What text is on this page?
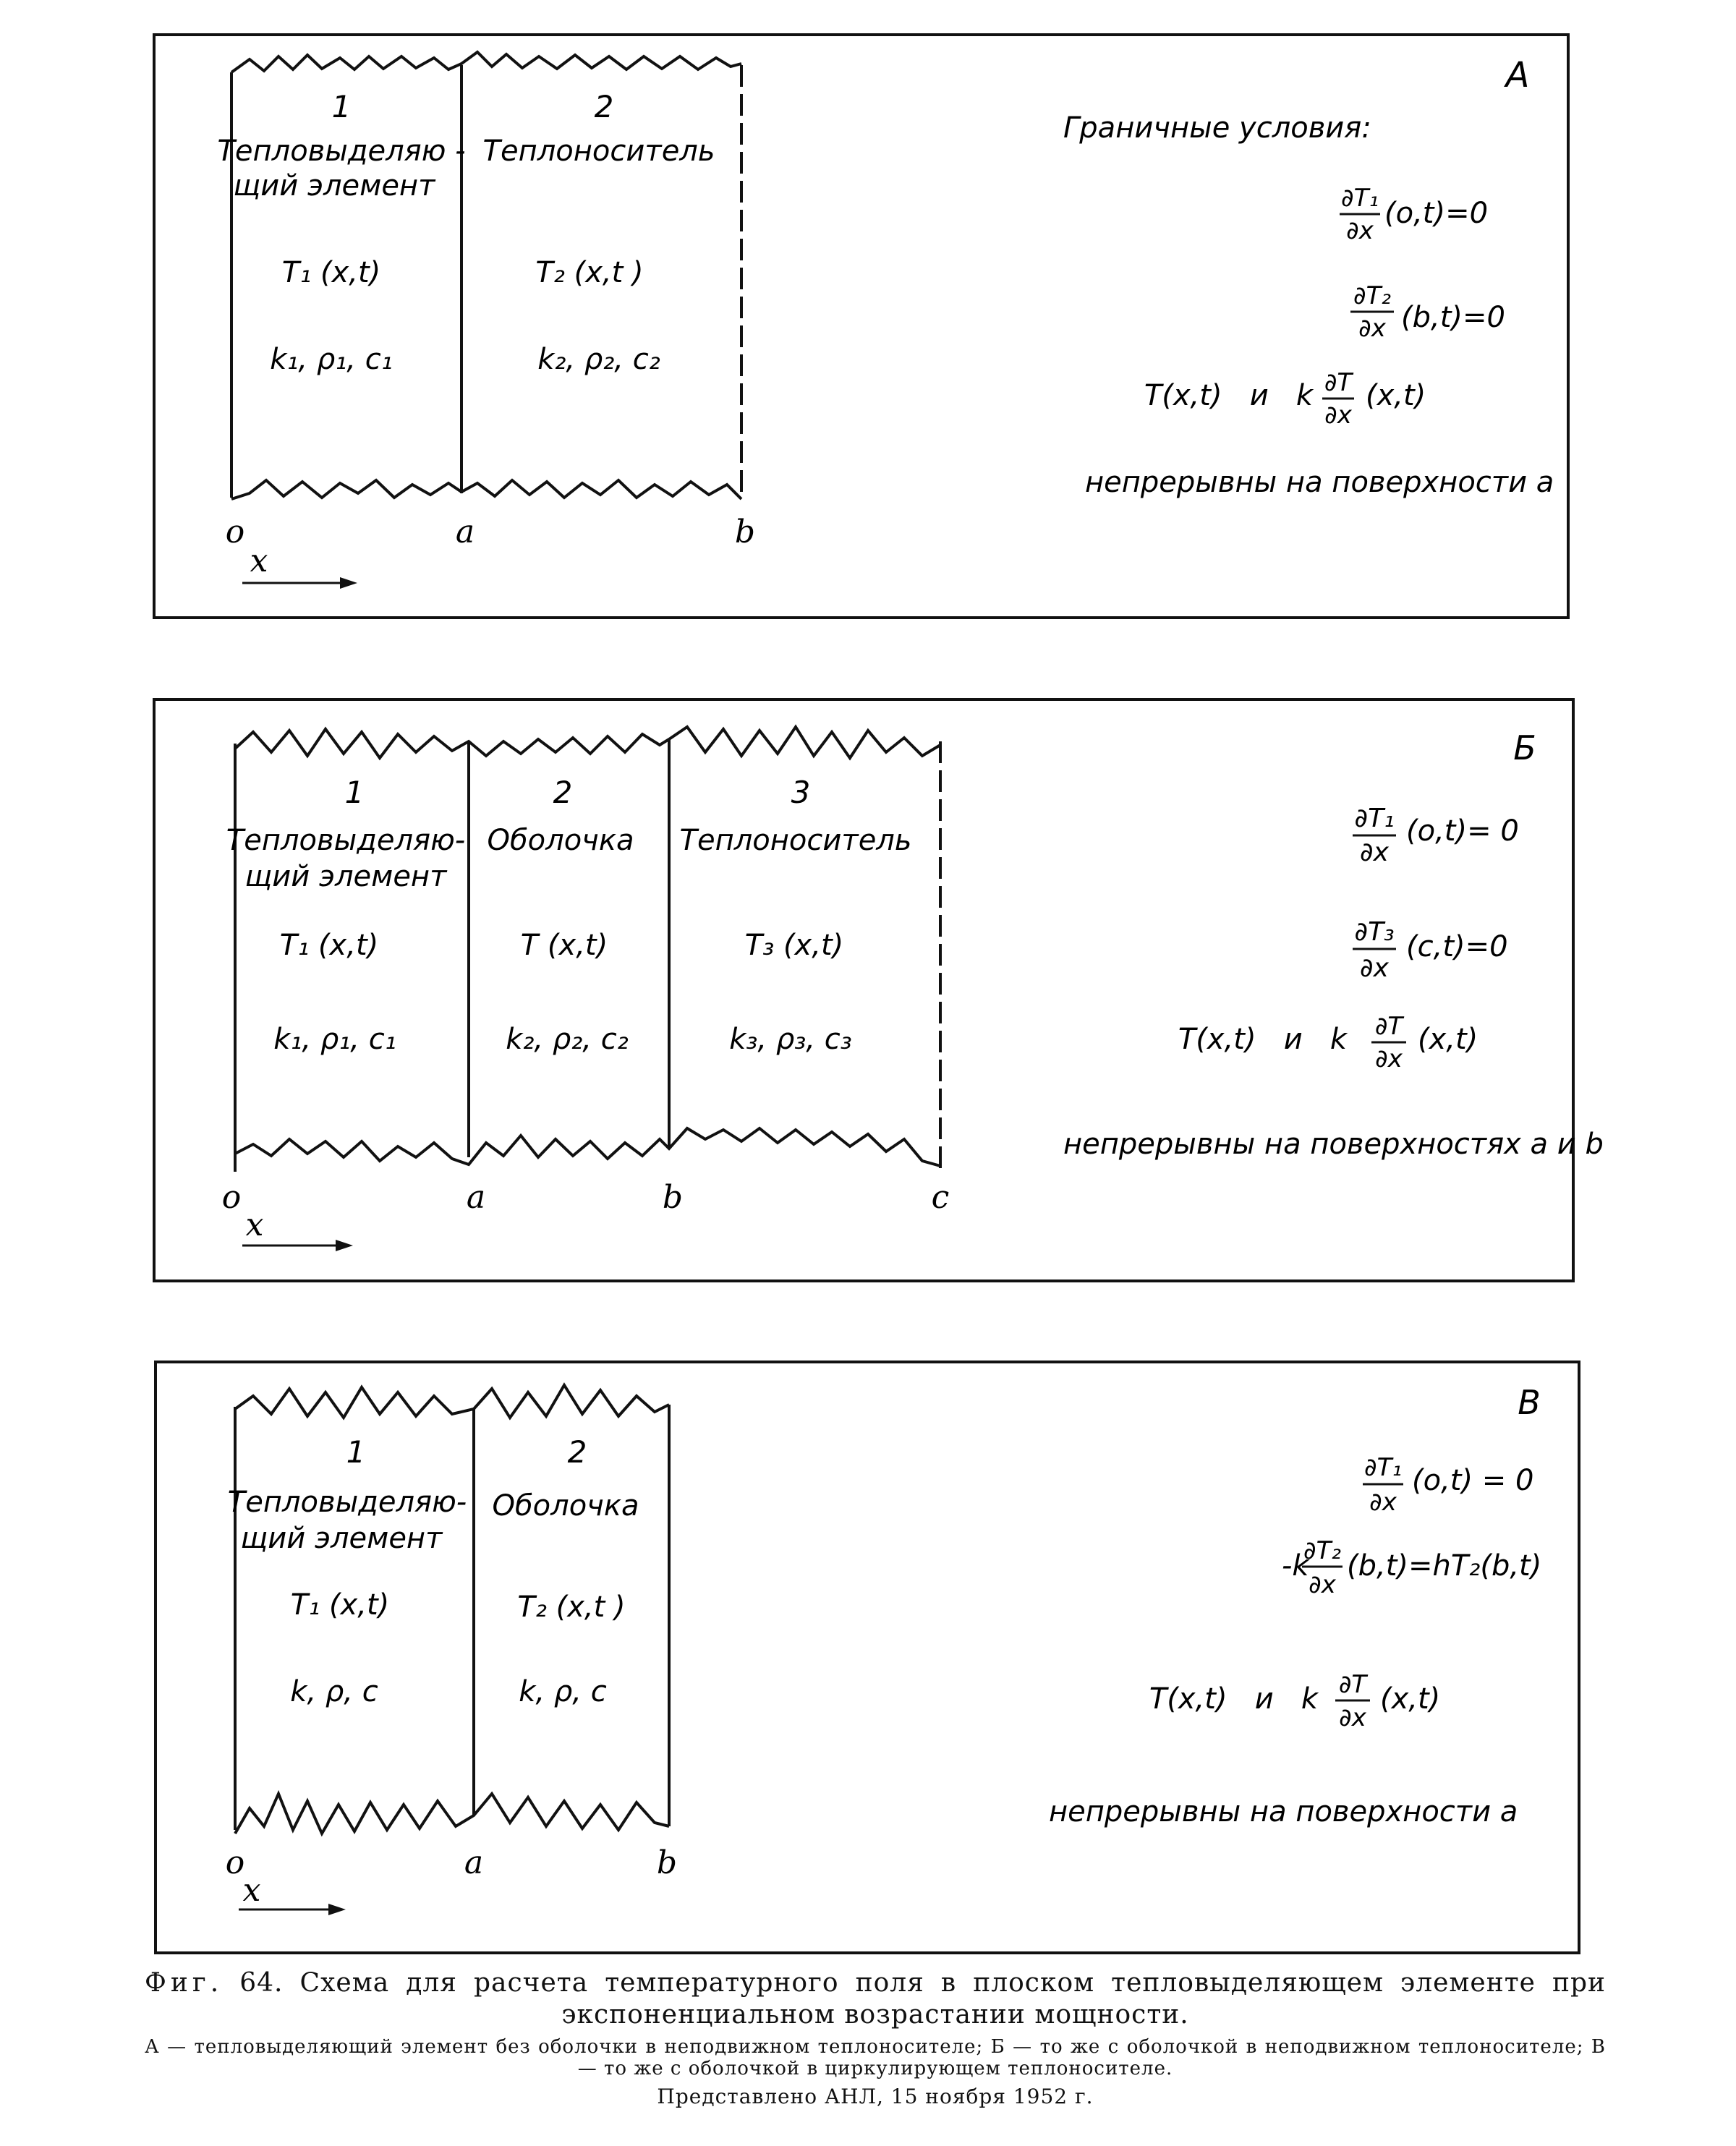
1
Тепловыделяю -
щий элемент
T₁ (x,t)
k₁, ρ₁, c₁
2
Теплоноситель
T₂ (x,t )
k₂, ρ₂, c₂
o	a	b
x
А
Граничные условия:
∂T₁
∂x
(o,t)=0
∂T₂
∂x (b,t)=0
T(x,t)   и   k ∂T
∂x
(x,t)
непрерывны на поверхности а
1
Тепловыделяю-
щий элемент
T₁ (x,t)
k₁, ρ₁, c₁
2
Оболочка
T (x,t)
k₂, ρ₂, c₂
3
Теплоноситель
T₃ (x,t)
k₃, ρ₃, c₃
o	a	b	c
x
Б
∂T₁
∂x
(o,t)= 0
∂T₃
∂x
(c,t)=0
T(x,t)   и   k ∂T
∂x
(x,t)
непрерывны на поверхностях а и b
1
Тепловыделяю-
щий элемент
T₁ (x,t)
k, ρ, c
2
Оболочка
T₂ (x,t )
k, ρ, c
o	a	b
x
В
∂T₁
∂x
(o,t) = 0
-k
∂T₂
∂x
(b,t)=hT₂(b,t)
T(x,t)   и   k ∂T
∂x
(x,t)
непрерывны на поверхности а
Фиг. 64. Схема для расчета температурного поля в плоском тепловыделяющем элементе при экспоненциальном возрастании мощности.
А — тепловыделяющий элемент без оболочки в неподвижном теплоносителе; Б — то же с оболочкой в неподвижном теплоносителе; В — то же с оболочкой в циркулирующем теплоносителе.
Представлено АНЛ, 15 ноября 1952 г.
